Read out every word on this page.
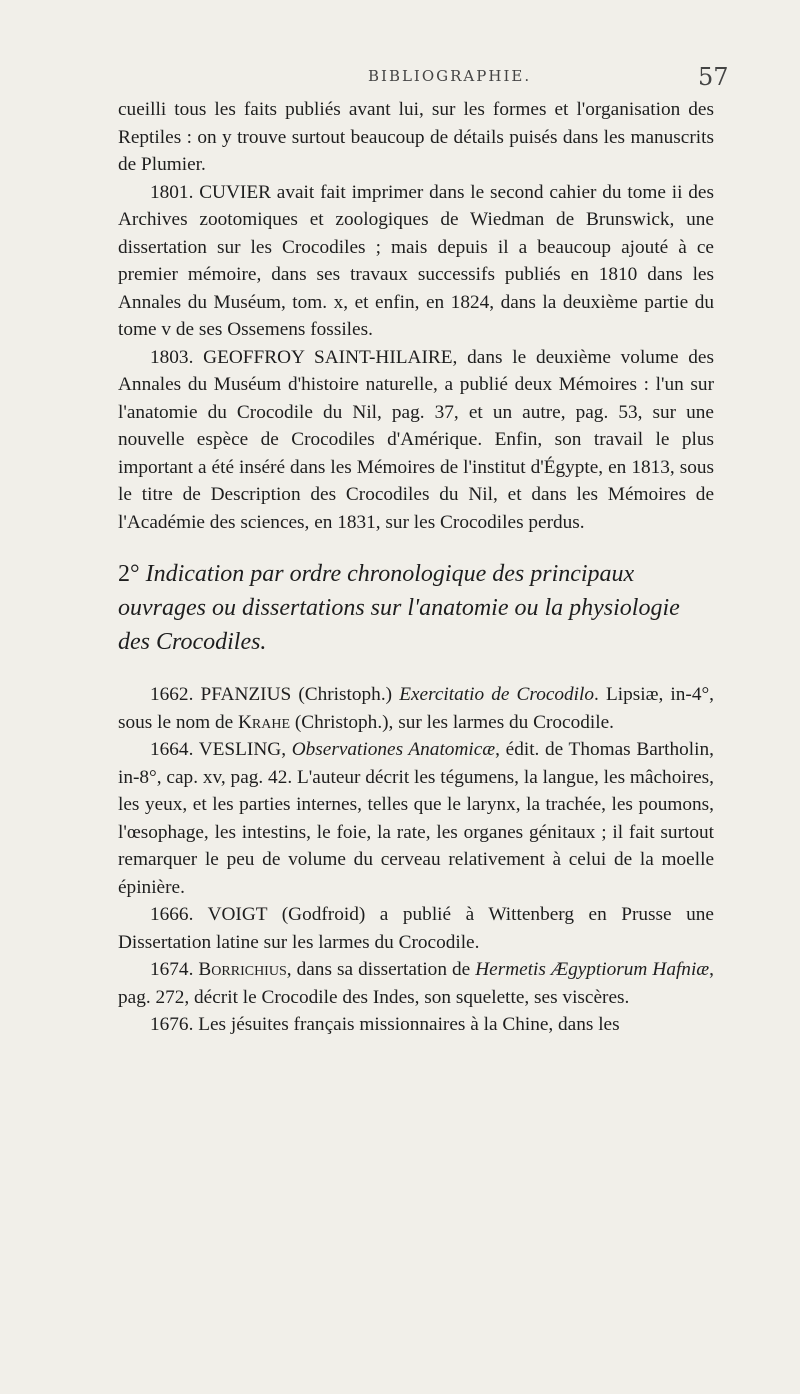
BIBLIOGRAPHIE.	57

cueilli tous les faits publiés avant lui, sur les formes et l'organisation des Reptiles : on y trouve surtout beaucoup de détails puisés dans les manuscrits de Plumier.

1801. CUVIER avait fait imprimer dans le second cahier du tome ii des Archives zootomiques et zoologiques de Wiedman de Brunswick, une dissertation sur les Crocodiles ; mais depuis il a beaucoup ajouté à ce premier mémoire, dans ses travaux successifs publiés en 1810 dans les Annales du Muséum, tom. x, et enfin, en 1824, dans la deuxième partie du tome v de ses Ossemens fossiles.

1803. GEOFFROY SAINT-HILAIRE, dans le deuxième volume des Annales du Muséum d'histoire naturelle, a publié deux Mémoires : l'un sur l'anatomie du Crocodile du Nil, pag. 37, et un autre, pag. 53, sur une nouvelle espèce de Crocodiles d'Amérique. Enfin, son travail le plus important a été inséré dans les Mémoires de l'institut d'Égypte, en 1813, sous le titre de Description des Crocodiles du Nil, et dans les Mémoires de l'Académie des sciences, en 1831, sur les Crocodiles perdus.

2° Indication par ordre chronologique des principaux ouvrages ou dissertations sur l'anatomie ou la physiologie des Crocodiles.

1662. PFANZIUS (Christoph.) Exercitatio de Crocodilo. Lipsiæ, in-4°, sous le nom de Krahe (Christoph.), sur les larmes du Crocodile.

1664. VESLING, Observationes Anatomicæ, édit. de Thomas Bartholin, in-8°, cap. xv, pag. 42. L'auteur décrit les tégumens, la langue, les mâchoires, les yeux, et les parties internes, telles que le larynx, la trachée, les poumons, l'œsophage, les intestins, le foie, la rate, les organes génitaux ; il fait surtout remarquer le peu de volume du cerveau relativement à celui de la moelle épinière.

1666. VOIGT (Godfroid) a publié à Wittenberg en Prusse une Dissertation latine sur les larmes du Crocodile.

1674. Borrichius, dans sa dissertation de Hermetis Ægyptiorum Hafniæ, pag. 272, décrit le Crocodile des Indes, son squelette, ses viscères.

1676. Les jésuites français missionnaires à la Chine, dans les
